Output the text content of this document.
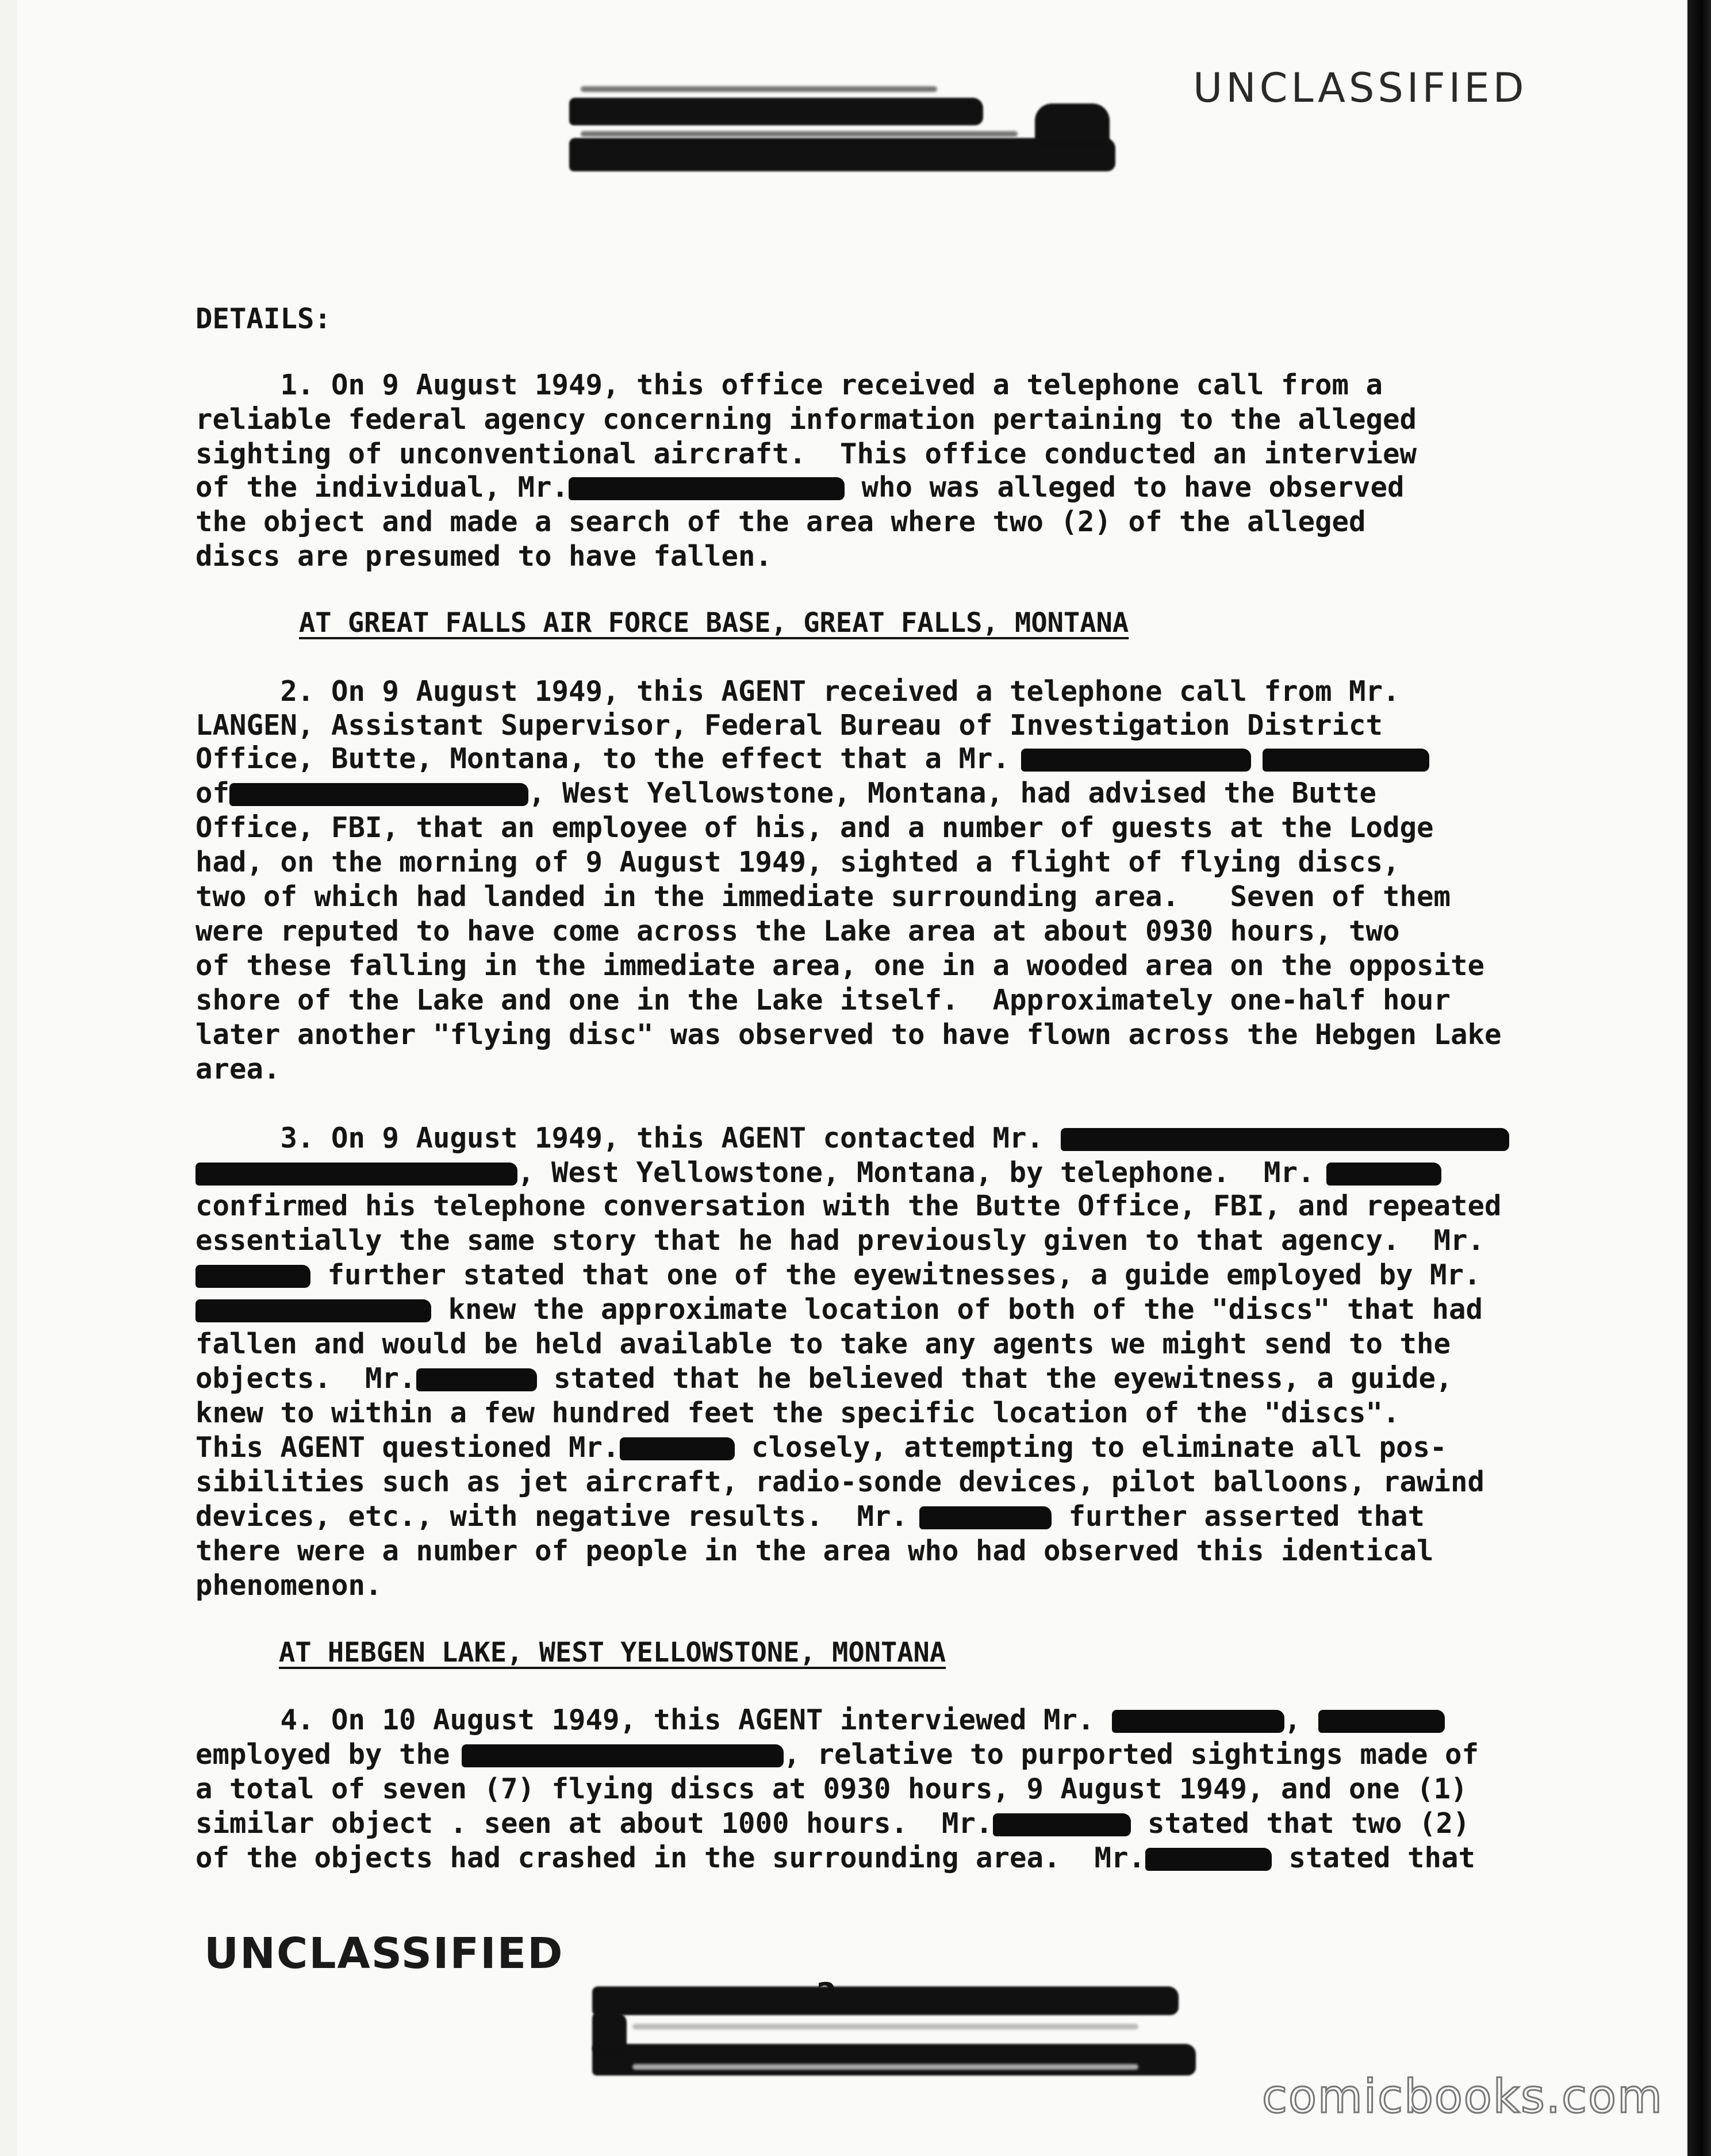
UNCLASSIFIED
DETAILS:
1. On 9 August 1949, this office received a telephone call from a
reliable federal agency concerning information pertaining to the alleged
sighting of unconventional aircraft.  This office conducted an interview
of the individual, Mr.	who was alleged to have observed
the object and made a search of the area where two (2) of the alleged
discs are presumed to have fallen.
AT GREAT FALLS AIR FORCE BASE, GREAT FALLS, MONTANA
2. On 9 August 1949, this AGENT received a telephone call from Mr.
LANGEN, Assistant Supervisor, Federal Bureau of Investigation District
Office, Butte, Montana, to the effect that a Mr.
of	, West Yellowstone, Montana, had advised the Butte
Office, FBI, that an employee of his, and a number of guests at the Lodge
had, on the morning of 9 August 1949, sighted a flight of flying discs,
two of which had landed in the immediate surrounding area.   Seven of them
were reputed to have come across the Lake area at about 0930 hours, two
of these falling in the immediate area, one in a wooded area on the opposite
shore of the Lake and one in the Lake itself.  Approximately one-half hour
later another "flying disc" was observed to have flown across the Hebgen Lake
area.
3. On 9 August 1949, this AGENT contacted Mr.
, West Yellowstone, Montana, by telephone.  Mr.
confirmed his telephone conversation with the Butte Office, FBI, and repeated
essentially the same story that he had previously given to that agency.  Mr.
further stated that one of the eyewitnesses, a guide employed by Mr.
knew the approximate location of both of the "discs" that had
fallen and would be held available to take any agents we might send to the
objects.  Mr.	stated that he believed that the eyewitness, a guide,
knew to within a few hundred feet the specific location of the "discs".
This AGENT questioned Mr.	closely, attempting to eliminate all pos-
sibilities such as jet aircraft, radio-sonde devices, pilot balloons, rawind
devices, etc., with negative results.  Mr.	further asserted that
there were a number of people in the area who had observed this identical
phenomenon.
AT HEBGEN LAKE, WEST YELLOWSTONE, MONTANA
4. On 10 August 1949, this AGENT interviewed Mr.	,
employed by the	, relative to purported sightings made of
a total of seven (7) flying discs at 0930 hours, 9 August 1949, and one (1)
similar object . seen at about 1000 hours.  Mr.	stated that two (2)
of the objects had crashed in the surrounding area.  Mr.	stated that
UNCLASSIFIED
comicbooks.com
